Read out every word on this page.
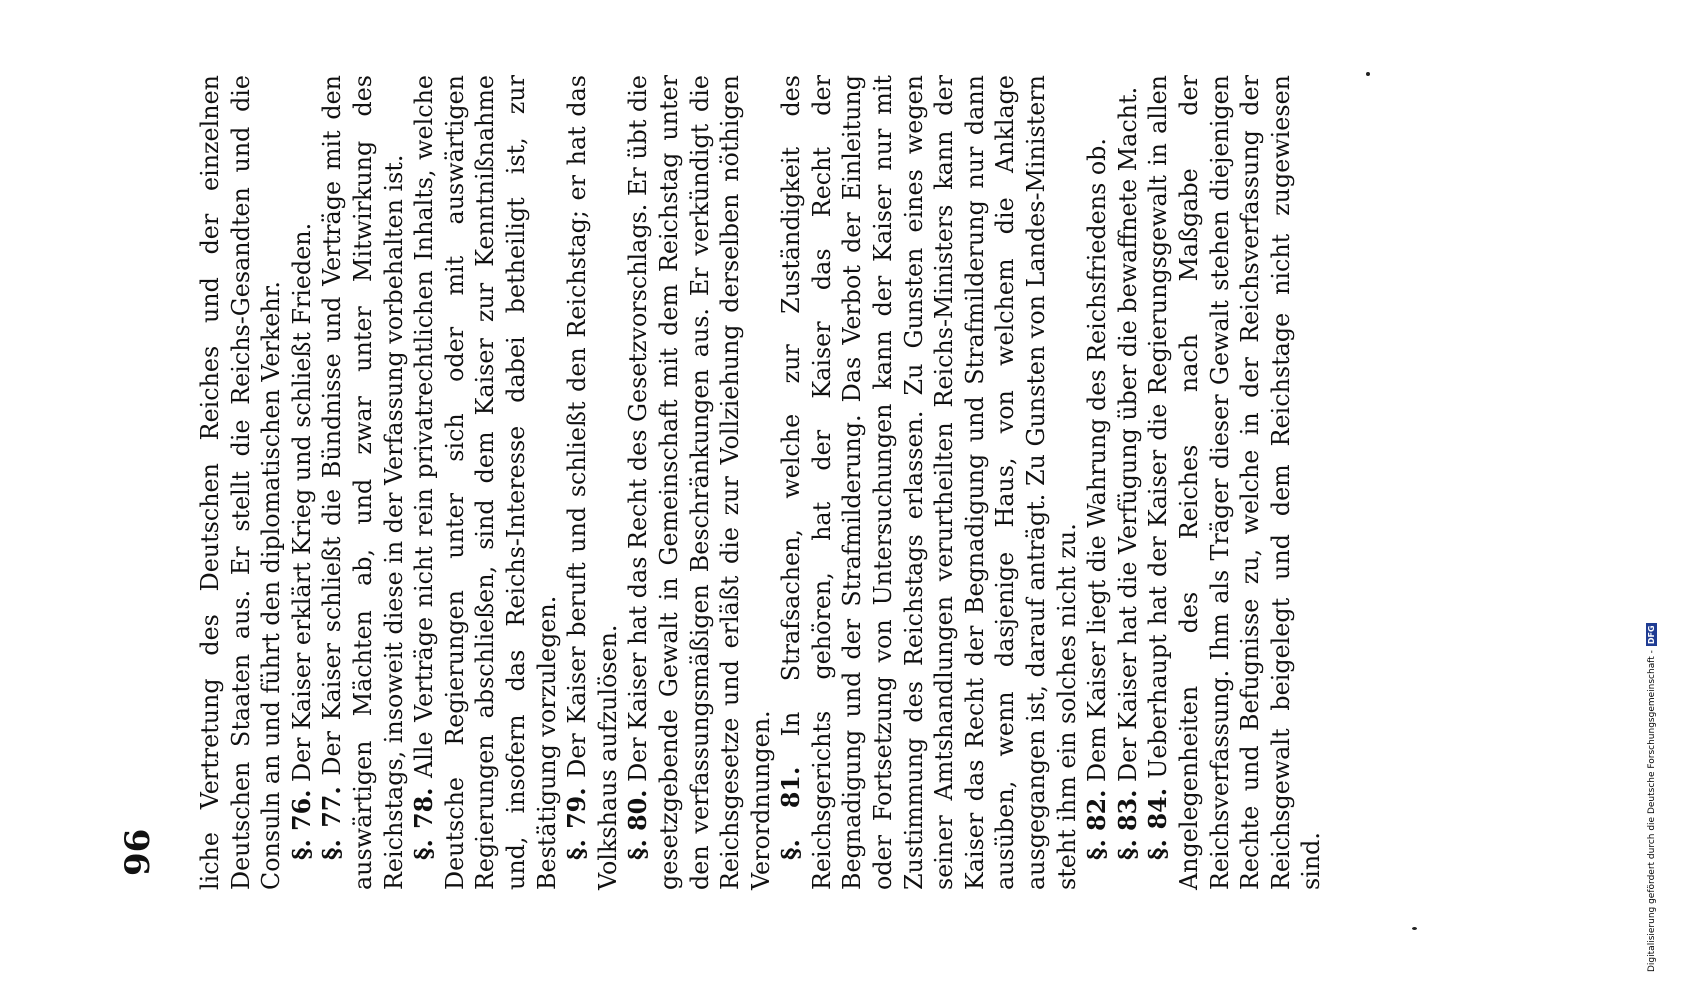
96 liche Vertretung des Deutschen Reiches und der einzelnen Deutschen Staaten aus. Er stellt die Reichs-Gesandten und die Consuln an und führt den diplomatischen Verkehr. §. 76. Der Kaiser erklärt Krieg und schließt Frieden.

§. 77. Der Kaiser schließt die Bündnisse und Verträge mit den auswärtigen Mächten ab, und zwar unter Mitwirkung des Reichstags, insoweit diese in der Verfassung vorbehalten ist. §. 78. Alle Verträge nicht rein privatrechtlichen Inhalts, welche Deutsche Regierungen unter sich oder mit auswärtigen Regierungen abschließen, sind dem Kaiser zur Kenntnißnahme und, insofern das Reichs-Interesse dabei betheiligt ist, zur Bestätigung vorzulegen. §. 79. Der Kaiser beruft und schließt den Reichstag; er hat das Volkshaus aufzulösen. §. 80. Der Kaiser hat das Recht des Gesetzvorschlags. Er übt die gesetzgebende Gewalt in Gemeinschaft mit dem Reichstag unter den verfassungsmäßigen Beschränkungen aus. Er verkündigt die Reichsgesetze und erläßt die zur Vollziehung derselben nöthigen Verordnungen. §. 81. In Strafsachen, welche zur Zuständigkeit des Reichsgerichts gehören, hat der Kaiser das Recht der Begnadigung und der Strafmilderung. Das Verbot der Einleitung oder Fortsetzung von Untersuchungen kann der Kaiser nur mit Zustimmung des Reichstags erlassen. Zu Gunsten eines wegen seiner Amtshandlungen verurtheilten Reichs-Ministers kann der Kaiser das Recht der Begnadigung und Strafmilderung nur dann ausüben, wenn dasjenige Haus, von welchem die Anklage ausgegangen ist, darauf anträgt. Zu Gunsten von Landes-Ministern steht ihm ein solches nicht zu. §. 82. Dem Kaiser liegt die Wahrung des Reichsfriedens ob.

§. 83. Der Kaiser hat die Verfügung über die bewaffnete Macht.

§. 84. Ueberhaupt hat der Kaiser die Regierungsgewalt in allen Angelegenheiten des Reiches nach Maßgabe der Reichsverfassung. Ihm als Träger dieser Gewalt stehen diejenigen Rechte und Befugnisse zu, welche in der Reichsverfassung der Reichsgewalt beigelegt und dem Reichstage nicht zugewiesen sind.	Digitalisierung gefördert durch die Deutsche Forschungsgemeinschaft -
DFG
